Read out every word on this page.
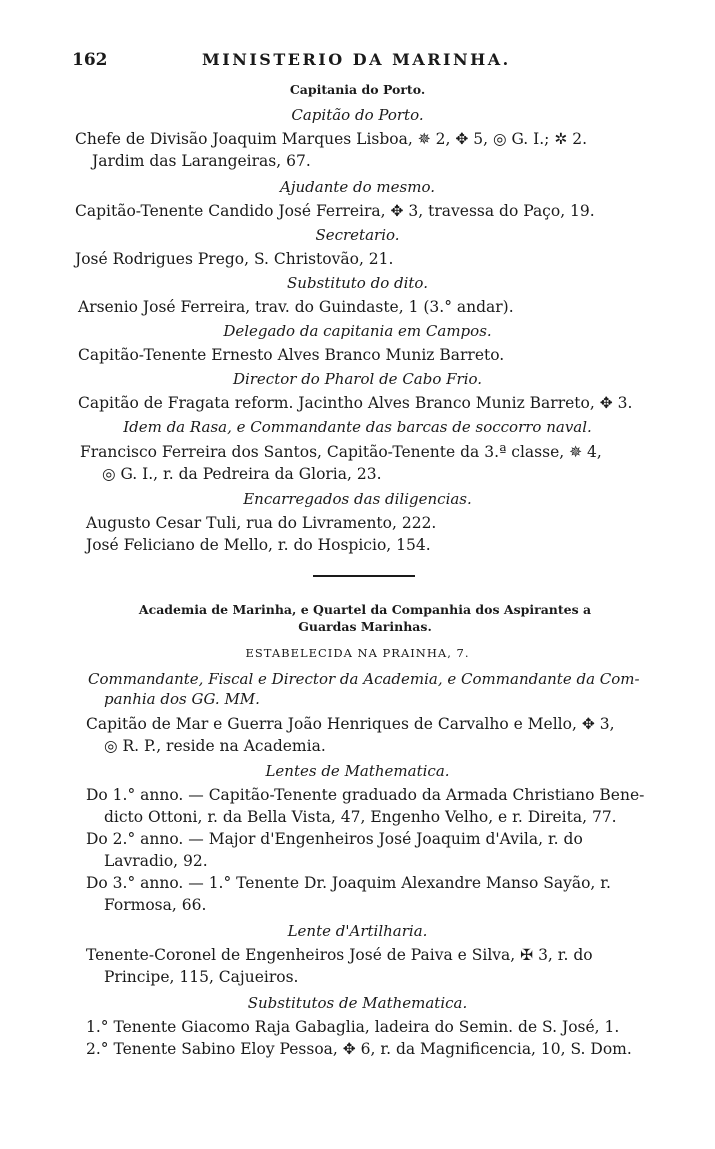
162	MINISTERIO DA MARINHA.
Capitania do Porto.
Capitão do Porto.
Chefe de Divisão Joaquim Marques Lisboa, ✵ 2, ✥ 5, ◎ G. I.; ✲ 2.
Jardim das Larangeiras, 67.
Ajudante do mesmo.
Capitão-Tenente Candido José Ferreira, ✥ 3, travessa do Paço, 19.
Secretario.
José Rodrigues Prego, S. Christovão, 21.
Substituto do dito.
Arsenio José Ferreira, trav. do Guindaste, 1 (3.° andar).
Delegado da capitania em Campos.
Capitão-Tenente Ernesto Alves Branco Muniz Barreto.
Director do Pharol de Cabo Frio.
Capitão de Fragata reform. Jacintho Alves Branco Muniz Barreto, ✥ 3.
Idem da Rasa, e Commandante das barcas de soccorro naval.
Francisco Ferreira dos Santos, Capitão-Tenente da 3.ª classe, ✵ 4,
◎ G. I., r. da Pedreira da Gloria, 23.
Encarregados das diligencias.
Augusto Cesar Tuli, rua do Livramento, 222.
José Feliciano de Mello, r. do Hospicio, 154.
Academia de Marinha, e Quartel da Companhia dos Aspirantes a
Guardas Marinhas.
ESTABELECIDA NA PRAINHA, 7.
Commandante, Fiscal e Director da Academia, e Commandante da Com-
panhia dos GG. MM.
Capitão de Mar e Guerra João Henriques de Carvalho e Mello, ✥ 3,
◎ R. P., reside na Academia.
Lentes de Mathematica.
Do 1.° anno. — Capitão-Tenente graduado da Armada Christiano Bene-
dicto Ottoni, r. da Bella Vista, 47, Engenho Velho, e r. Direita, 77.
Do 2.° anno. — Major d'Engenheiros José Joaquim d'Avila, r. do
Lavradio, 92.
Do 3.° anno. — 1.° Tenente Dr. Joaquim Alexandre Manso Sayão, r.
Formosa, 66.
Lente d'Artilharia.
Tenente-Coronel de Engenheiros José de Paiva e Silva, ✠ 3, r. do
Principe, 115, Cajueiros.
Substitutos de Mathematica.
1.° Tenente Giacomo Raja Gabaglia, ladeira do Semin. de S. José, 1.
2.° Tenente Sabino Eloy Pessoa, ✥ 6, r. da Magnificencia, 10, S. Dom.
